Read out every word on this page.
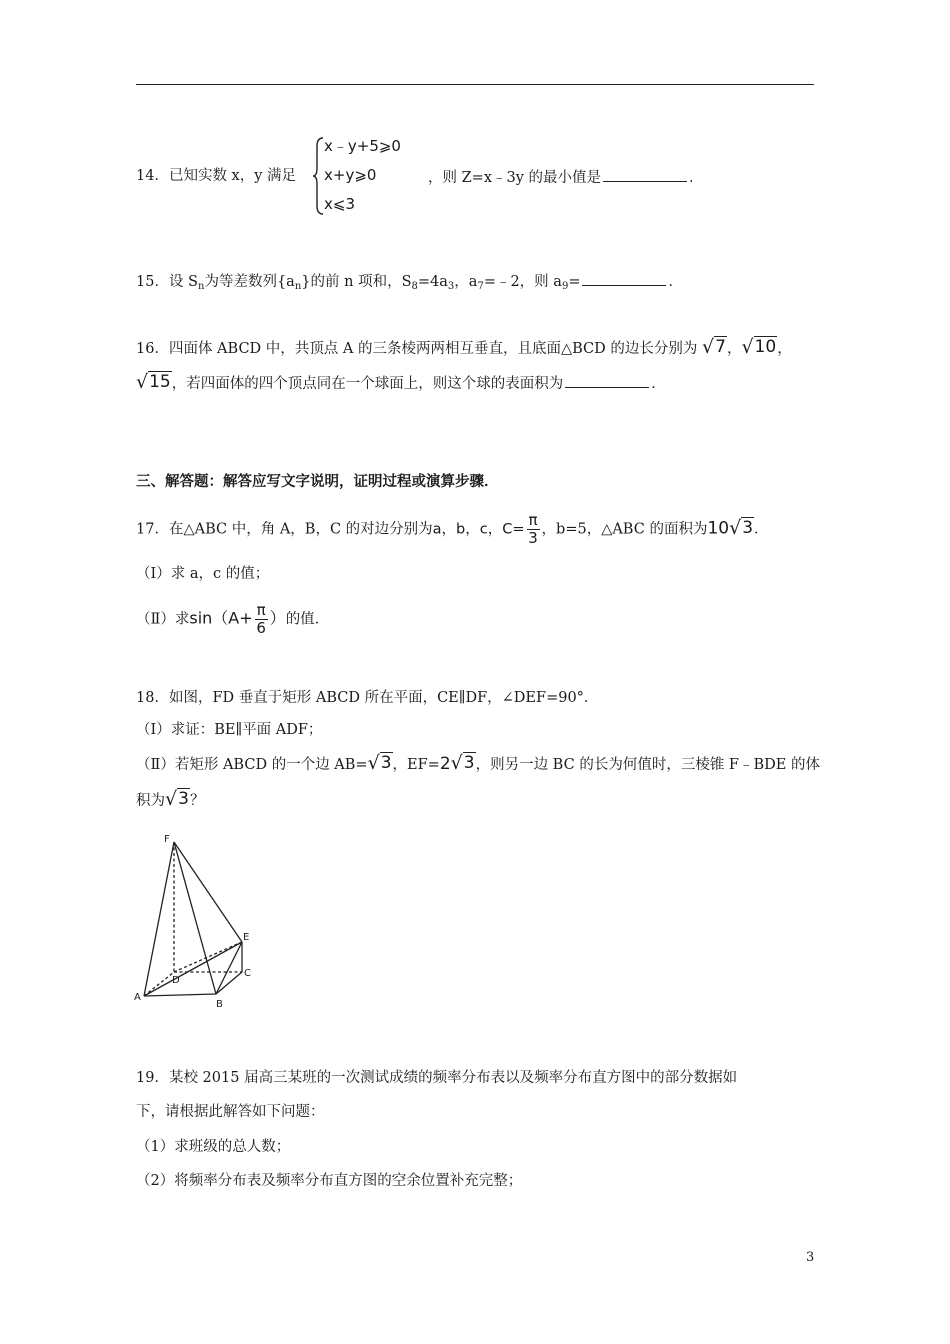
14．已知实数 x，y 满足
x﹣y+5⩾0
x+y⩾0
x⩽3
，则 Z=x﹣3y 的最小值是	．
15．设 $S_n$为等差数列$\{a_n\}$的前 n 项和，$S_8=4a_3$，$a_7=﹣2$，则 $a_9=$	．
16．四面体 ABCD 中，共顶点 A 的三条棱两两相互垂直，且底面△BCD 的边长分别为 √ 7 ， √ 10 ，
√ 15 ，若四面体的四个顶点同在一个球面上，则这个球的表面积为	．
三、解答题：解答应写文字说明，证明过程或演算步骤．
17．在△ABC 中，角 A，B，C 的对边分别为a，b，c，$C= \frac{\pi}{3}$ ，b=5，△ABC 的面积为10 √ 3 ．
（Ⅰ）求 a，c 的值；
（Ⅱ）求$\sin(A+ \frac{\pi}{6}$ ）的值．
18．如图，FD 垂直于矩形 ABCD 所在平面，CE∥DF，∠DEF=90°．
（Ⅰ）求证：BE∥平面 ADF；
（Ⅱ）若矩形 ABCD 的一个边 AB= √ 3 ，EF=2 √ 3 ，则另一边 BC 的长为何值时，三棱锥 F﹣BDE 的体
积为 √ 3 ？
F
E
C
D
A
B
19．某校 2015 届高三某班的一次测试成绩的频率分布表以及频率分布直方图中的部分数据如
下，请根据此解答如下问题：
（1）求班级的总人数；
（2）将频率分布表及频率分布直方图的空余位置补充完整；
3
